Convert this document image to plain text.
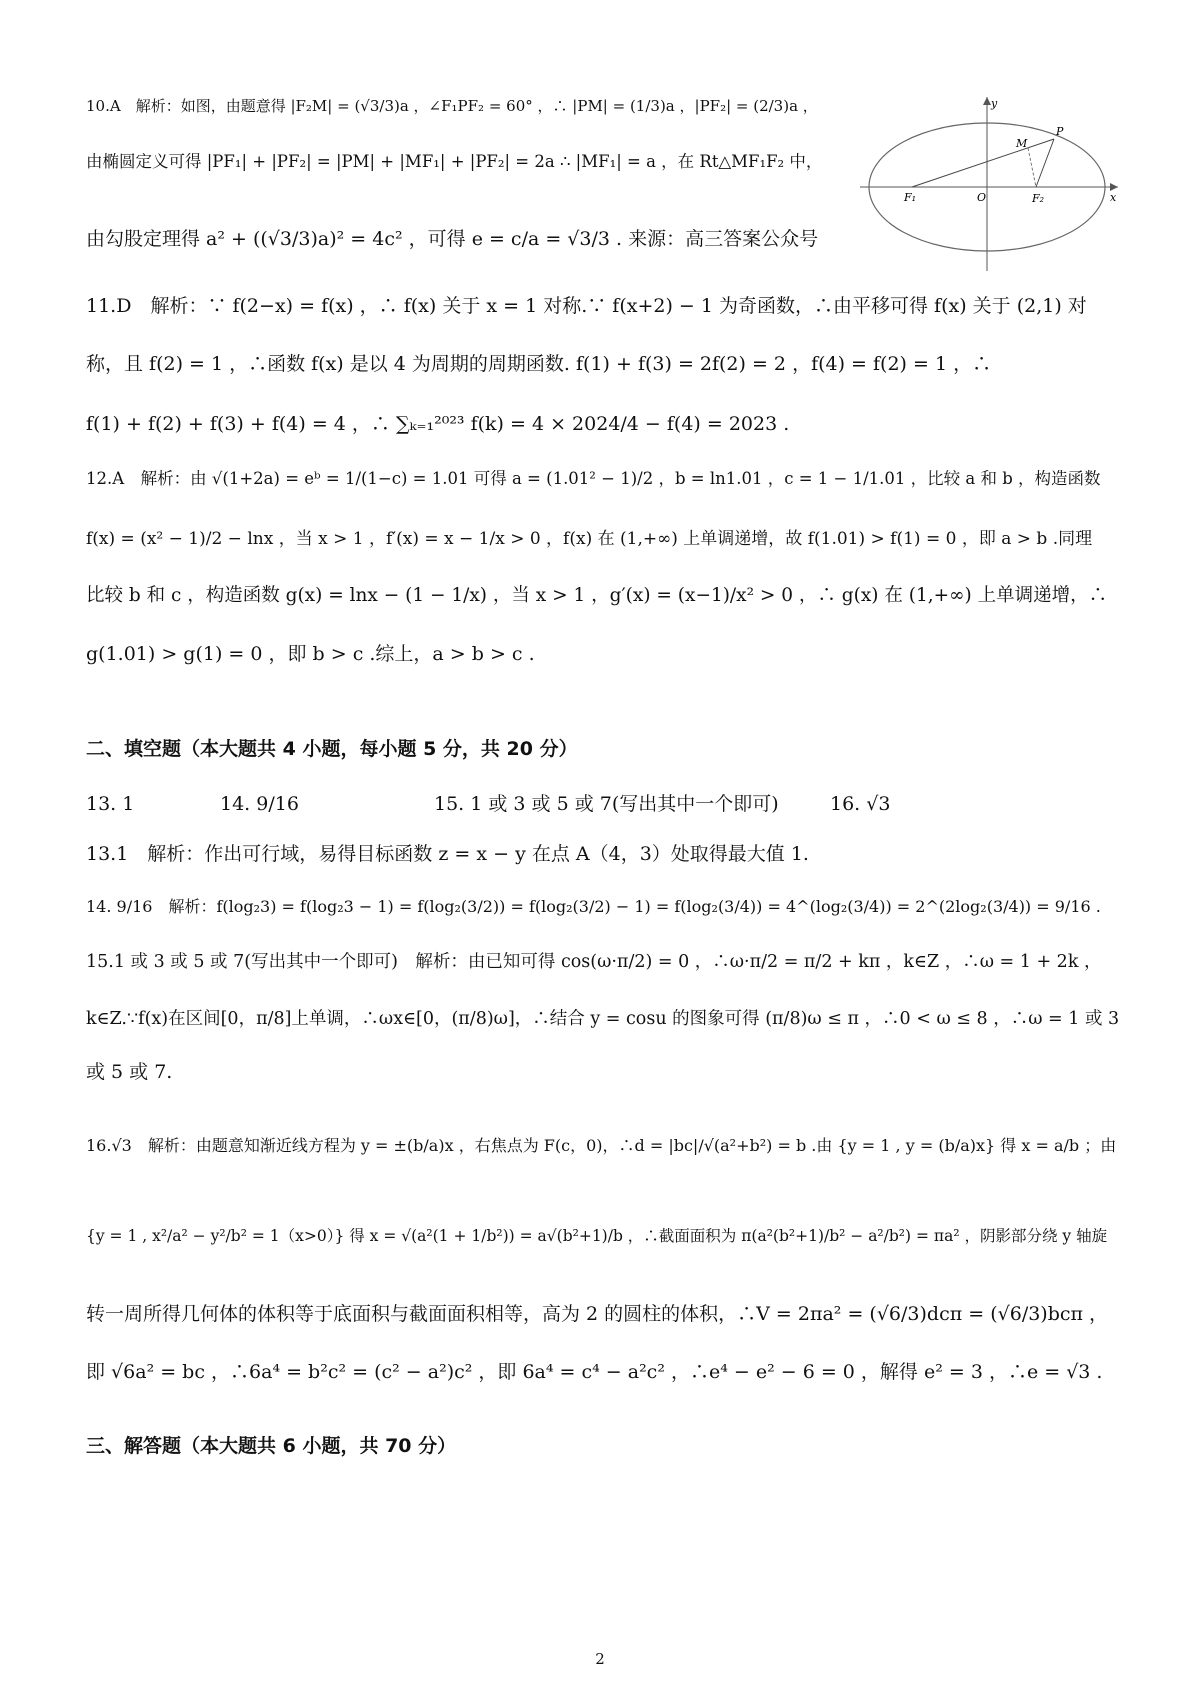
10.A　解析：如图，由题意得 |F₂M| = (√3/3)a ，∠F₁PF₂ = 60° ，∴ |PM| = (1/3)a ，|PF₂| = (2/3)a ，
由椭圆定义可得 |PF₁| + |PF₂| = |PM| + |MF₁| + |PF₂| = 2a ∴ |MF₁| = a ，在 Rt△MF₁F₂ 中，
由勾股定理得 a² + ((√3/3)a)² = 4c² ，可得 e = c/a = √3/3 . 来源：高三答案公众号
y
x
O
F₁	F₂
M
P
11.D　解析：∵ f(2−x) = f(x) ，∴ f(x) 关于 x = 1 对称.∵ f(x+2) − 1 为奇函数，∴由平移可得 f(x) 关于 (2,1) 对
称，且 f(2) = 1 ，∴函数 f(x) 是以 4 为周期的周期函数. f(1) + f(3) = 2f(2) = 2 ，f(4) = f(2) = 1 ，∴
f(1) + f(2) + f(3) + f(4) = 4 ，∴ ∑ₖ₌₁²⁰²³ f(k) = 4 × 2024/4 − f(4) = 2023 .
12.A　解析：由 √(1+2a) = eᵇ = 1/(1−c) = 1.01 可得 a = (1.01² − 1)/2 ，b = ln1.01 ，c = 1 − 1/1.01 ，比较 a 和 b ，构造函数
f(x) = (x² − 1)/2 − lnx ，当 x > 1 ，f′(x) = x − 1/x > 0 ，f(x) 在 (1,+∞) 上单调递增，故 f(1.01) > f(1) = 0 ，即 a > b .同理
比较 b 和 c ，构造函数 g(x) = lnx − (1 − 1/x) ，当 x > 1 ，g′(x) = (x−1)/x² > 0 ，∴ g(x) 在 (1,+∞) 上单调递增，∴
g(1.01) > g(1) = 0 ，即 b > c .综上，a > b > c .
二、填空题（本大题共 4 小题，每小题 5 分，共 20 分）
13. 1	14. 9/16	15. 1 或 3 或 5 或 7(写出其中一个即可)	16. √3
13.1　解析：作出可行域，易得目标函数 z = x − y 在点 A（4，3）处取得最大值 1.
14. 9/16　解析：f(log₂3) = f(log₂3 − 1) = f(log₂(3/2)) = f(log₂(3/2) − 1) = f(log₂(3/4)) = 4^(log₂(3/4)) = 2^(2log₂(3/4)) = 9/16 .
15.1 或 3 或 5 或 7(写出其中一个即可)　解析：由已知可得 cos(ω·π/2) = 0 ，∴ω·π/2 = π/2 + kπ ，k∈Z ，∴ω = 1 + 2k ，
k∈Z.∵f(x)在区间[0，π/8]上单调，∴ωx∈[0，(π/8)ω]，∴结合 y = cosu 的图象可得 (π/8)ω ≤ π ，∴0 < ω ≤ 8 ，∴ω = 1 或 3
或 5 或 7.
16.√3　解析：由题意知渐近线方程为 y = ±(b/a)x ，右焦点为 F(c，0)，∴d = |bc|/√(a²+b²) = b .由 {y = 1 , y = (b/a)x} 得 x = a/b ；由
{y = 1 , x²/a² − y²/b² = 1（x>0）} 得 x = √(a²(1 + 1/b²)) = a√(b²+1)/b ，∴截面面积为 π(a²(b²+1)/b² − a²/b²) = πa² ，阴影部分绕 y 轴旋
转一周所得几何体的体积等于底面积与截面面积相等，高为 2 的圆柱的体积，∴V = 2πa² = (√6/3)dcπ = (√6/3)bcπ ，
即 √6a² = bc ，∴6a⁴ = b²c² = (c² − a²)c² ，即 6a⁴ = c⁴ − a²c² ，∴e⁴ − e² − 6 = 0 ，解得 e² = 3 ，∴e = √3 .
三、解答题（本大题共 6 小题，共 70 分）
2
